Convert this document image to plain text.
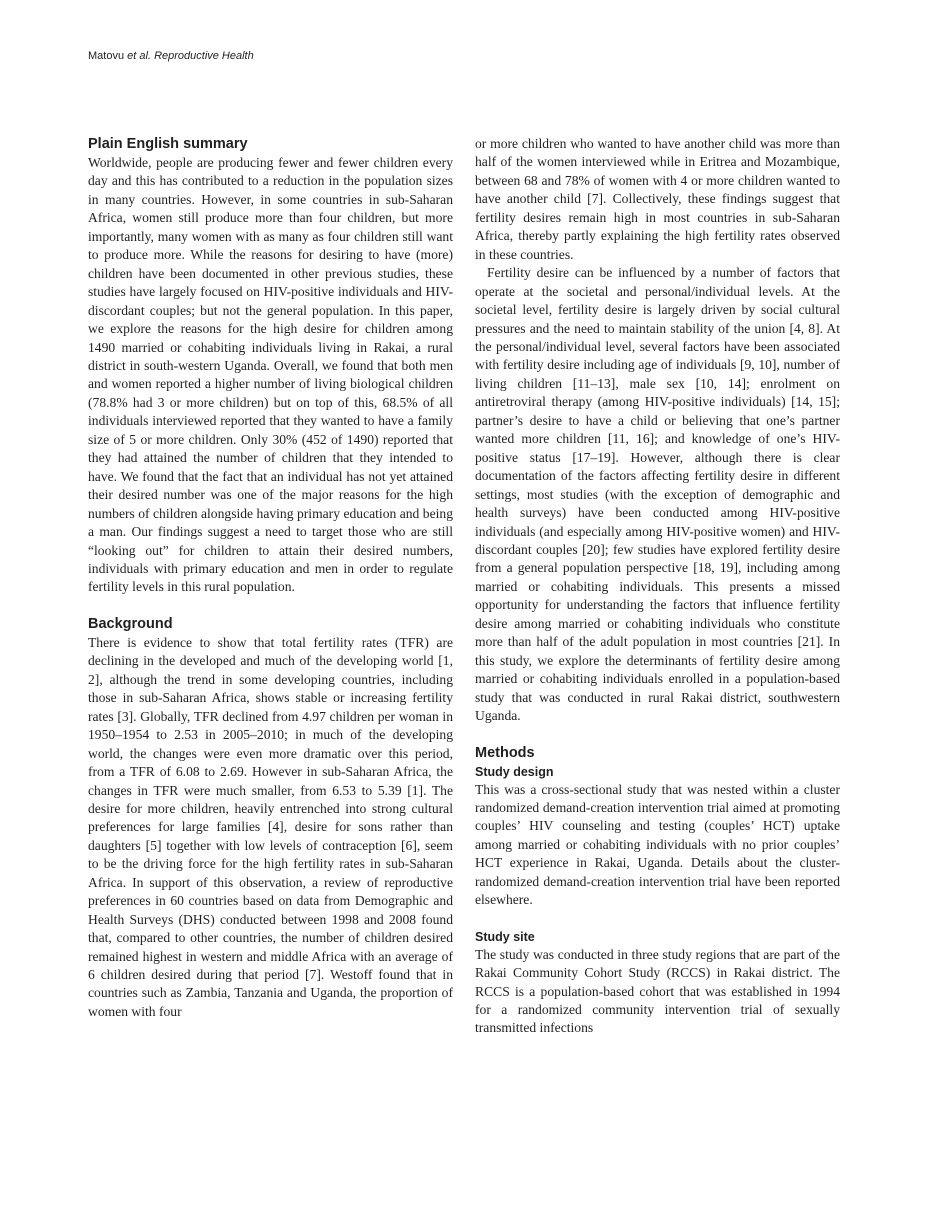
Matovu et al. Reproductive Health
Plain English summary

Worldwide, people are producing fewer and fewer children every day and this has contributed to a reduction in the population sizes in many countries. However, in some countries in sub-Saharan Africa, women still produce more than four children, but more importantly, many women with as many as four children still want to produce more. While the reasons for desiring to have (more) children have been documented in other previous studies, these studies have largely focused on HIV-positive individuals and HIV-discordant couples; but not the general population. In this paper, we explore the reasons for the high desire for children among 1490 married or cohabiting individuals living in Rakai, a rural district in south-western Uganda. Overall, we found that both men and women reported a higher number of living biological children (78.8% had 3 or more children) but on top of this, 68.5% of all individuals interviewed reported that they wanted to have a family size of 5 or more children. Only 30% (452 of 1490) reported that they had attained the number of children that they intended to have. We found that the fact that an individual has not yet attained their desired number was one of the major reasons for the high numbers of children alongside having primary education and being a man. Our findings suggest a need to target those who are still “looking out” for children to attain their desired numbers, individuals with primary education and men in order to regulate fertility levels in this rural population.

Background

There is evidence to show that total fertility rates (TFR) are declining in the developed and much of the developing world [1, 2], although the trend in some developing countries, including those in sub-Saharan Africa, shows stable or increasing fertility rates [3]. Globally, TFR declined from 4.97 children per woman in 1950–1954 to 2.53 in 2005–2010; in much of the developing world, the changes were even more dramatic over this period, from a TFR of 6.08 to 2.69. However in sub-Saharan Africa, the changes in TFR were much smaller, from 6.53 to 5.39 [1]. The desire for more children, heavily entrenched into strong cultural preferences for large families [4], desire for sons rather than daughters [5] together with low levels of contraception [6], seem to be the driving force for the high fertility rates in sub-Saharan Africa. In support of this observation, a review of reproductive preferences in 60 countries based on data from Demographic and Health Surveys (DHS) conducted between 1998 and 2008 found that, compared to other countries, the number of children desired remained highest in western and middle Africa with an average of 6 children desired during that period [7]. Westoff found that in countries such as Zambia, Tanzania and Uganda, the proportion of women with four

or more children who wanted to have another child was more than half of the women interviewed while in Eritrea and Mozambique, between 68 and 78% of women with 4 or more children wanted to have another child [7]. Collectively, these findings suggest that fertility desires remain high in most countries in sub-Saharan Africa, thereby partly explaining the high fertility rates observed in these countries.

Fertility desire can be influenced by a number of factors that operate at the societal and personal/individual levels. At the societal level, fertility desire is largely driven by social cultural pressures and the need to maintain stability of the union [4, 8]. At the personal/individual level, several factors have been associated with fertility desire including age of individuals [9, 10], number of living children [11–13], male sex [10, 14]; enrolment on antiretroviral therapy (among HIV-positive individuals) [14, 15]; partner’s desire to have a child or believing that one’s partner wanted more children [11, 16]; and knowledge of one’s HIV-positive status [17–19]. However, although there is clear documentation of the factors affecting fertility desire in different settings, most studies (with the exception of demographic and health surveys) have been conducted among HIV-positive individuals (and especially among HIV-positive women) and HIV-discordant couples [20]; few studies have explored fertility desire from a general population perspective [18, 19], including among married or cohabiting individuals. This presents a missed opportunity for understanding the factors that influence fertility desire among married or cohabiting individuals who constitute more than half of the adult population in most countries [21]. In this study, we explore the determinants of fertility desire among married or cohabiting individuals enrolled in a population-based study that was conducted in rural Rakai district, southwestern Uganda.

Methods
Study design

This was a cross-sectional study that was nested within a cluster randomized demand-creation intervention trial aimed at promoting couples’ HIV counseling and testing (couples’ HCT) uptake among married or cohabiting individuals with no prior couples’ HCT experience in Rakai, Uganda. Details about the cluster-randomized demand-creation intervention trial have been reported elsewhere.

Study site

The study was conducted in three study regions that are part of the Rakai Community Cohort Study (RCCS) in Rakai district. The RCCS is a population-based cohort that was established in 1994 for a randomized community intervention trial of sexually transmitted infections
